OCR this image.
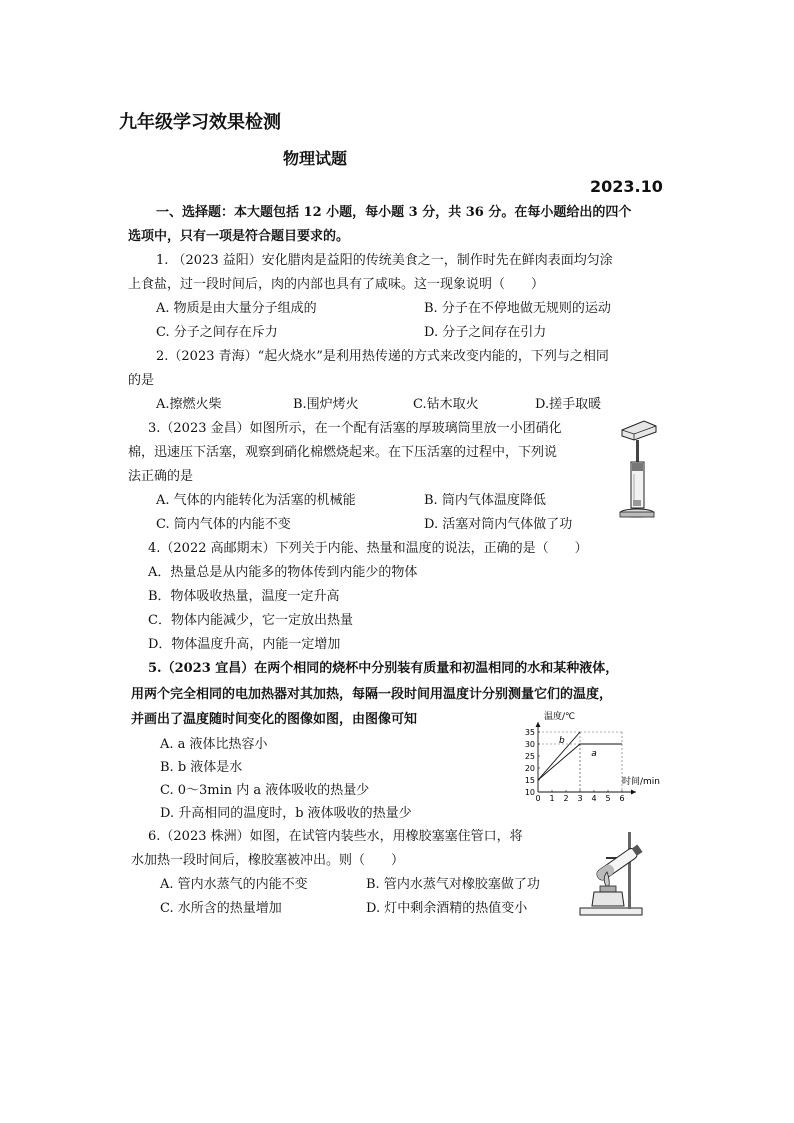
九年级学习效果检测
物理试题
2023.10
一、选择题：本大题包括 12 小题，每小题 3 分，共 36 分。在每小题给出的四个
选项中，只有一项是符合题目要求的。
1. （2023 益阳）安化腊肉是益阳的传统美食之一，制作时先在鲜肉表面均匀涂
上食盐，过一段时间后，肉的内部也具有了咸味。这一现象说明（　　）
A. 物质是由大量分子组成的	B. 分子在不停地做无规则的运动
C. 分子之间存在斥力	D. 分子之间存在引力
2.（2023 青海）“起火烧水”是利用热传递的方式来改变内能的，下列与之相同
的是
A.擦燃火柴	B.围炉烤火	C.钻木取火	D.搓手取暖
3.（2023 金昌）如图所示，在一个配有活塞的厚玻璃筒里放一小团硝化
棉，迅速压下活塞，观察到硝化棉燃烧起来。在下压活塞的过程中，下列说
法正确的是
A. 气体的内能转化为活塞的机械能	B. 筒内气体温度降低
C. 筒内气体的内能不变	D. 活塞对筒内气体做了功
4.（2022 高邮期末）下列关于内能、热量和温度的说法，正确的是（　　）
A．热量总是从内能多的物体传到内能少的物体
B．物体吸收热量，温度一定升高
C．物体内能减少，它一定放出热量
D．物体温度升高，内能一定增加
5.（2023 宜昌）在两个相同的烧杯中分别装有质量和初温相同的水和某种液体，
用两个完全相同的电加热器对其加热，每隔一段时间用温度计分别测量它们的温度，
并画出了温度随时间变化的图像如图，由图像可知
A. a 液体比热容小
B. b 液体是水
C. 0～3min 内 a 液体吸收的热量少
D. 升高相同的温度时，b 液体吸收的热量少
温度/℃
时间/min
0 1 2 3 4 5 6
10
15
20
25
30
35
b
a
6.（2023 株洲）如图，在试管内装些水，用橡胶塞塞住管口，将
水加热一段时间后，橡胶塞被冲出。则（　　）
A. 管内水蒸气的内能不变	B. 管内水蒸气对橡胶塞做了功
C. 水所含的热量增加	D. 灯中剩余酒精的热值变小
